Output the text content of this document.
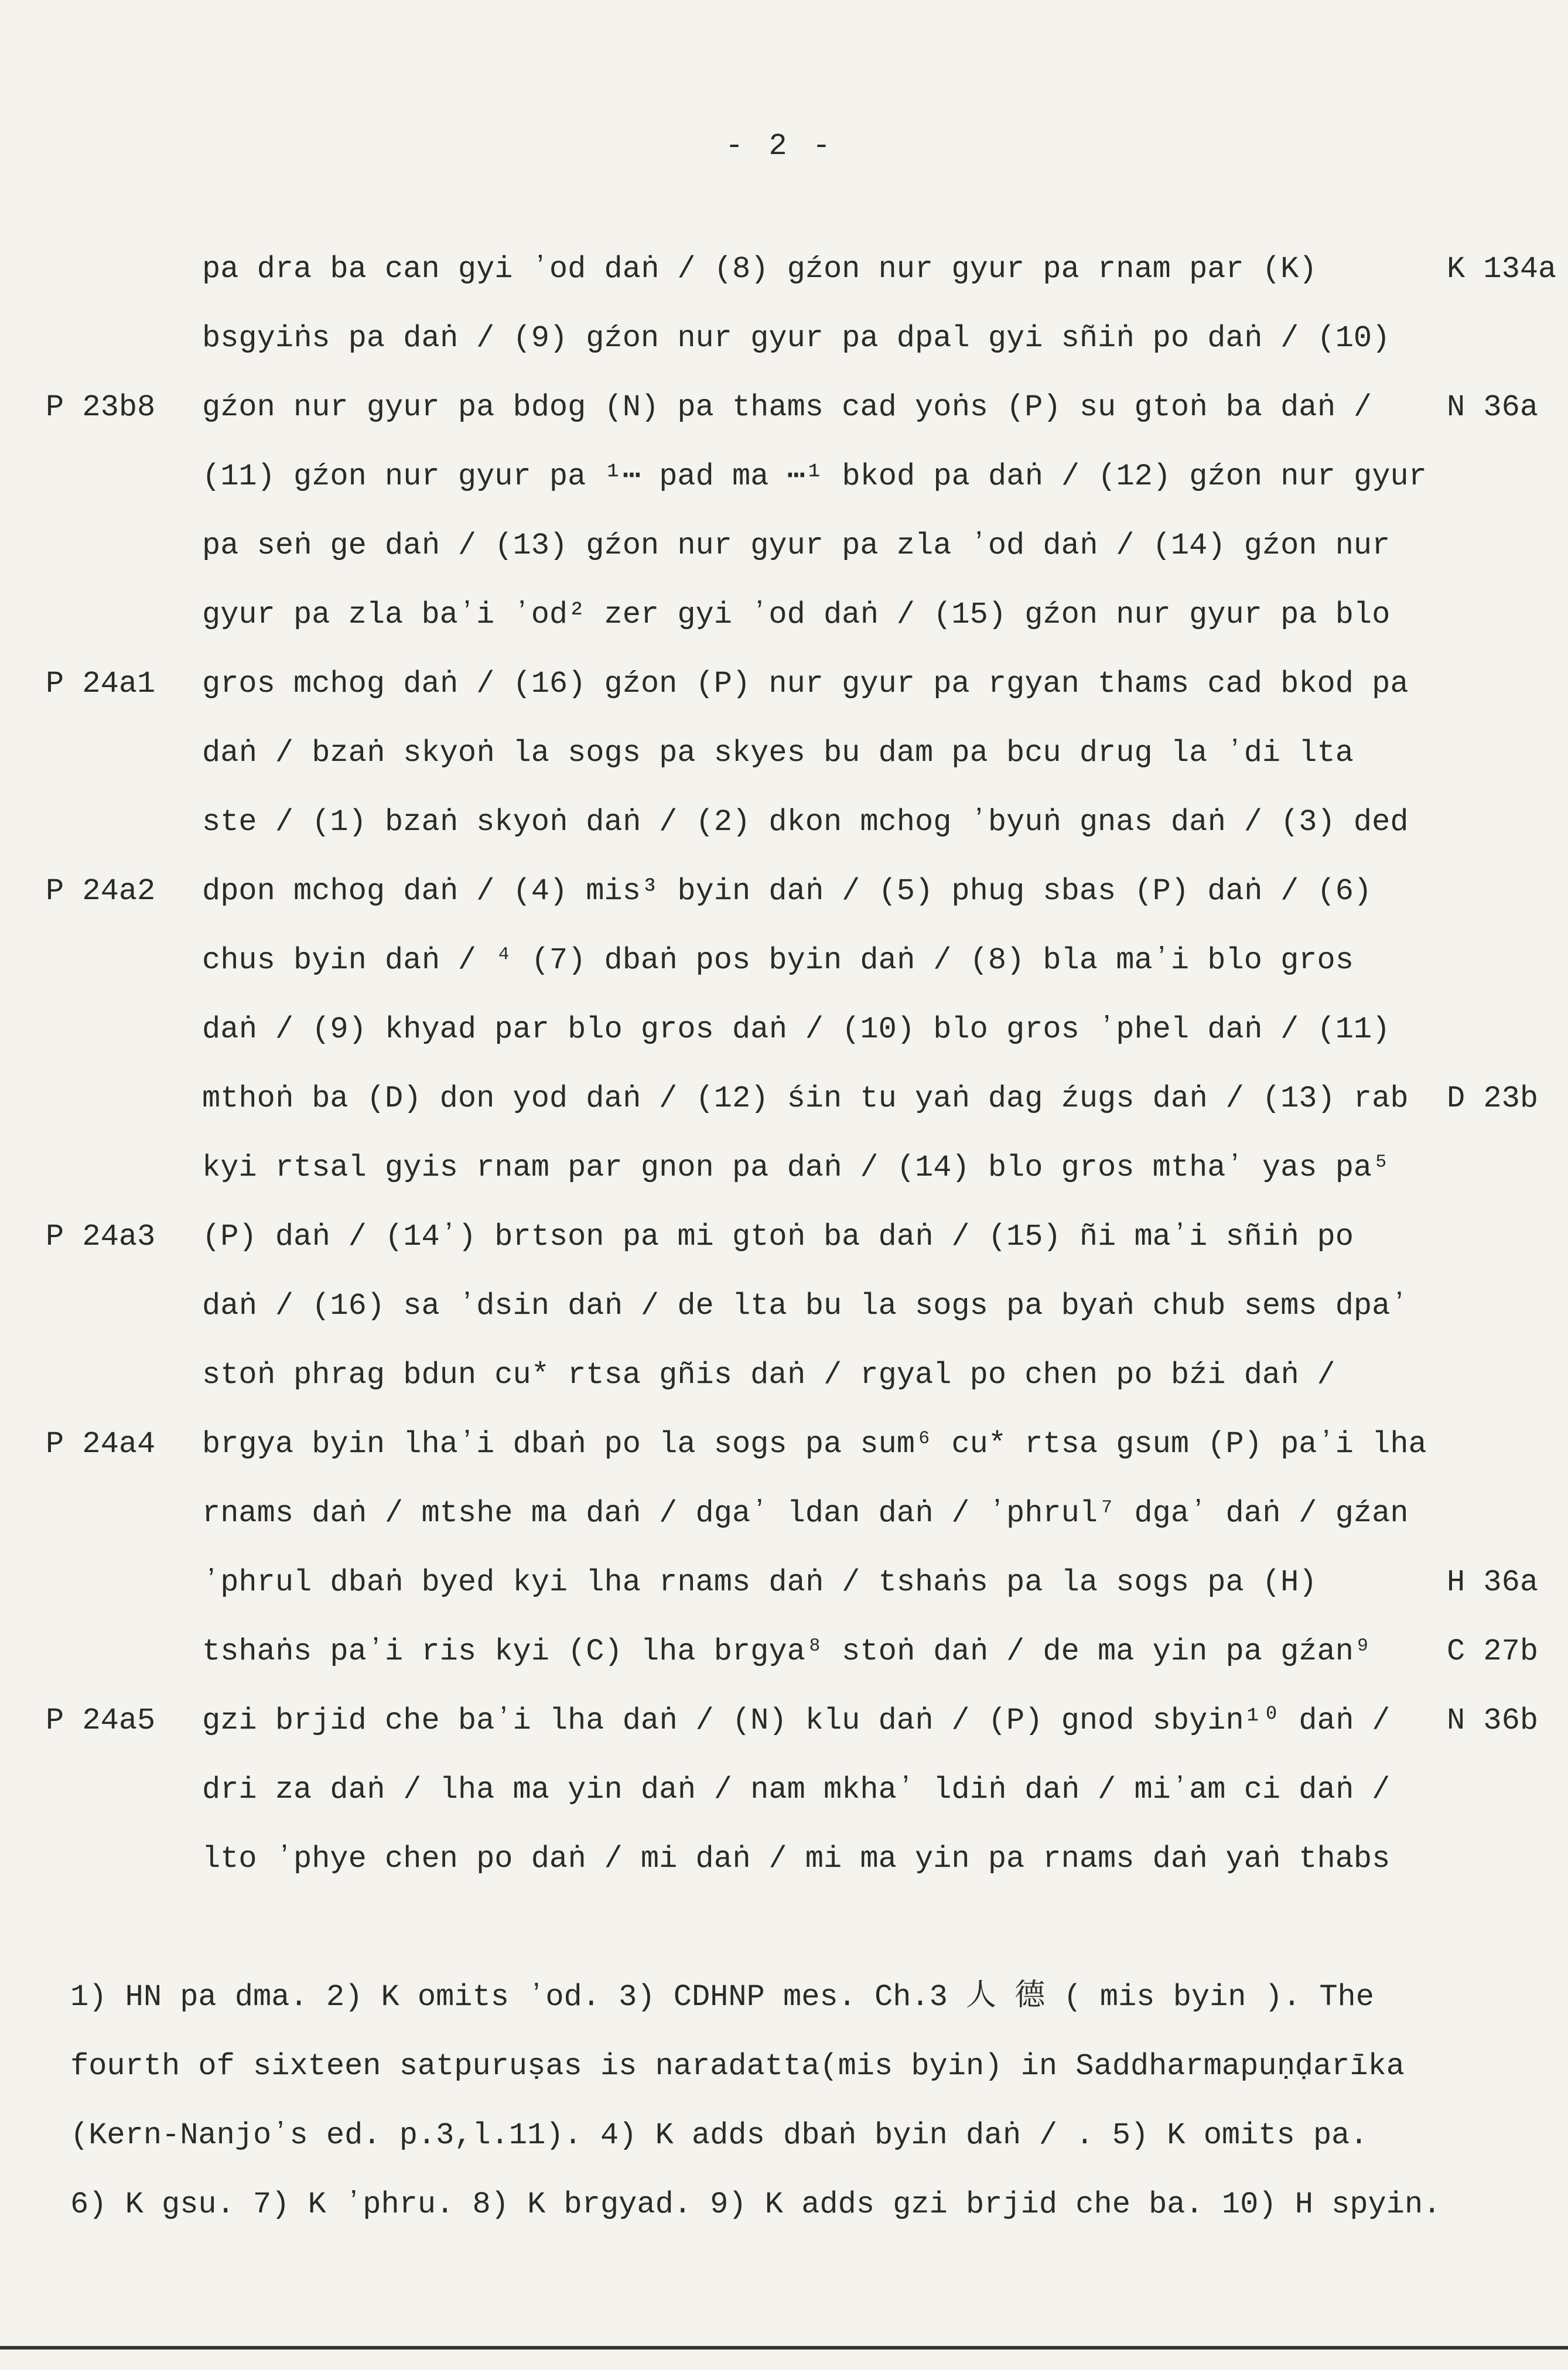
- 2 -
pa dra ba can gyi ʼod daṅ / (8) gźon nur gyur pa rnam par (K)	K 134a
bsgyiṅs pa daṅ / (9) gźon nur gyur pa dpal gyi sñiṅ po daṅ / (10)
P 23b8 gźon nur gyur pa bdog (N) pa thams cad yoṅs (P) su gtoṅ ba daṅ / N 36a
(11) gźon nur gyur pa ¹⋯ pad ma ⋯¹ bkod pa daṅ / (12) gźon nur gyur
pa seṅ ge daṅ / (13) gźon nur gyur pa zla ʼod daṅ / (14) gźon nur
gyur pa zla baʼi ʼod² zer gyi ʼod daṅ / (15) gźon nur gyur pa blo
P 24a1 gros mchog daṅ / (16) gźon (P) nur gyur pa rgyan thams cad bkod pa
daṅ / bzaṅ skyoṅ la sogs pa skyes bu dam pa bcu drug la ʼdi lta
ste / (1) bzaṅ skyoṅ daṅ / (2) dkon mchog ʼbyuṅ gnas daṅ / (3) ded
P 24a2 dpon mchog daṅ / (4) mis³ byin daṅ / (5) phug sbas (P) daṅ / (6)
chus byin daṅ / ⁴ (7) dbaṅ pos byin daṅ / (8) bla maʼi blo gros
daṅ / (9) khyad par blo gros daṅ / (10) blo gros ʼphel daṅ / (11)
mthoṅ ba (D) don yod daṅ / (12) śin tu yaṅ dag źugs daṅ / (13) rab D 23b
kyi rtsal gyis rnam par gnon pa daṅ / (14) blo gros mthaʼ yas pa⁵
P 24a3 (P) daṅ / (14ʼ) brtson pa mi gtoṅ ba daṅ / (15) ñi maʼi sñiṅ po
daṅ / (16) sa ʼdsin daṅ / de lta bu la sogs pa byaṅ chub sems dpaʼ
stoṅ phrag bdun cu* rtsa gñis daṅ / rgyal po chen po bźi daṅ /
P 24a4 brgya byin lhaʼi dbaṅ po la sogs pa sum⁶ cu* rtsa gsum (P) paʼi lha
rnams daṅ / mtshe ma daṅ / dgaʼ ldan daṅ / ʼphrul⁷ dgaʼ daṅ / gźan
ʼphrul dbaṅ byed kyi lha rnams daṅ / tshaṅs pa la sogs pa (H)	H 36a
tshaṅs paʼi ris kyi (C) lha brgya⁸ stoṅ daṅ / de ma yin pa gźan⁹ C 27b
P 24a5 gzi brjid che baʼi lha daṅ / (N) klu daṅ / (P) gnod sbyin¹⁰ daṅ / N 36b
dri za daṅ / lha ma yin daṅ / nam mkhaʼ ldiṅ daṅ / miʼam ci daṅ /
lto ʼphye chen po daṅ / mi daṅ / mi ma yin pa rnams daṅ yaṅ thabs
1) HN pa dma. 2) K omits ʼod. 3) CDHNP mes. Ch.3 人 德 ( mis byin ). The
fourth of sixteen satpuruṣas is naradatta(mis byin) in Saddharmapuṇḍarīka
(Kern-Nanjoʼs ed. p.3,l.11). 4) K adds dbaṅ byin daṅ / . 5) K omits pa.
6) K gsu. 7) K ʼphru. 8) K brgyad. 9) K adds gzi brjid che ba. 10) H spyin.
